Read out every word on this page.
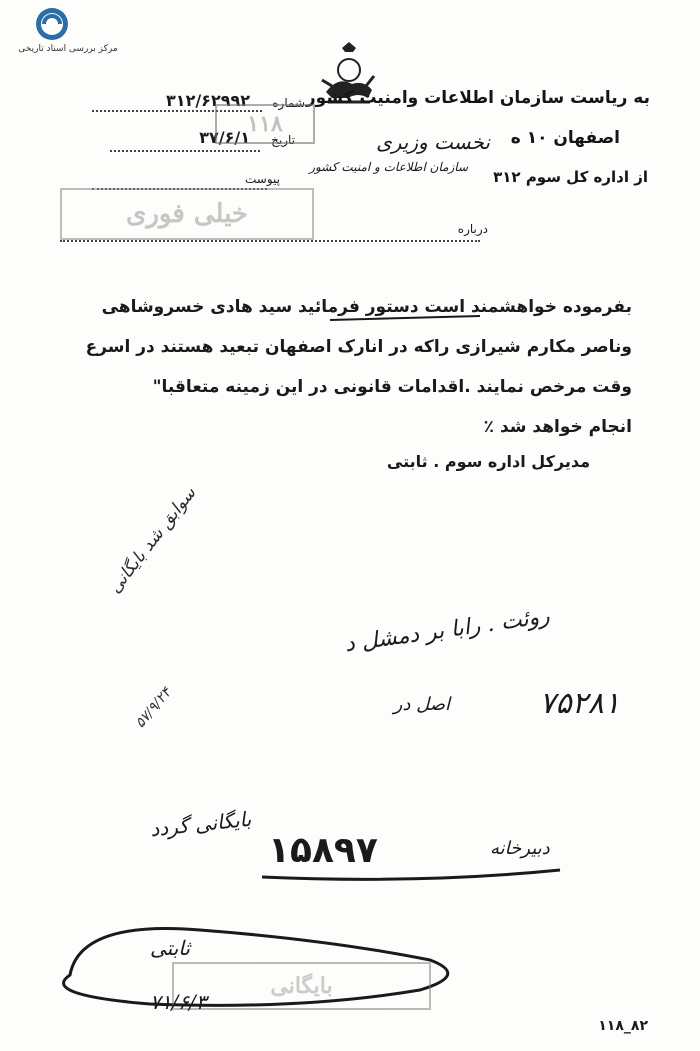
مرکز بررسی اسناد تاریخی
به ریاست سازمان اطلاعات وامنیت کشور
شماره
۳۱۲/۶۲۹۹۲
اصفهان ۱۰ ه
تاریخ
۳۷/۶/۱
از اداره کل سوم ۳۱۲
پیوست
درباره
نخست وزیری
سازمان اطلاعات و امنیت کشور
۱۱۸
خیلی فوری
بفرموده خواهشمند است دستور فرمائید سید هادی خسروشاهی
وناصر مکارم شیرازی راکه در انارک اصفهان تبعید هستند در اسرع
وقت مرخص نمایند .اقدامات قانونی در این زمینه متعاقبا"
انجام خواهد شد ٪
مدیرکل اداره سوم . ثابتی
روئت . رابا بر دمشل د
اصل در	۷۵۲۸۱
سوابق شد بایگانی
۵۷/۹/۲۴
بایگانی گردد
۱۵۸۹۷	دبیرخانه
بایگانی
ثابتی
۷۱/۶/۳
۱۱۸_۸۲
